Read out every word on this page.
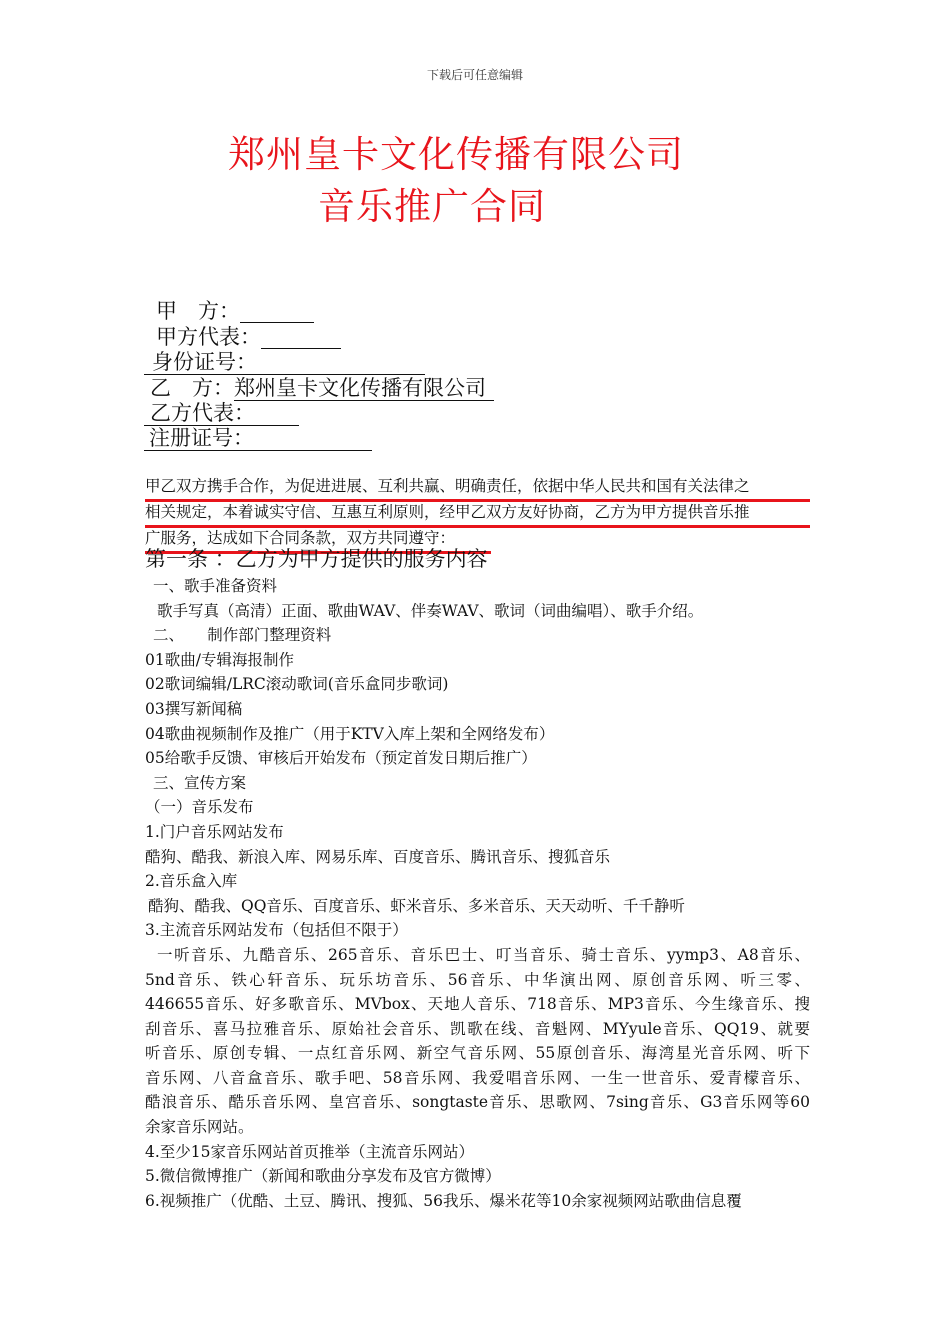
下载后可任意编辑
郑州皇卡文化传播有限公司
音乐推广合同
甲　方：
甲方代表：
身份证号：
乙　方：郑州皇卡文化传播有限公司
乙方代表：
注册证号：
甲乙双方携手合作，为促进进展、互利共赢、明确责任，依据中华人民共和国有关法律之
相关规定，本着诚实守信、互惠互利原则，经甲乙双方友好协商，乙方为甲方提供音乐推
广服务，达成如下合同条款，双方共同遵守：
第一条 ：乙方为甲方提供的服务内容
一、歌手准备资料
歌手写真（高清）正面、歌曲WAV、伴奏WAV、歌词（词曲编唱）、歌手介绍。
二、　　制作部门整理资料
01歌曲/专辑海报制作
02歌词编辑/LRC滚动歌词(音乐盒同步歌词)
03撰写新闻稿
04歌曲视频制作及推广（用于KTV入库上架和全网络发布）
05给歌手反馈、审核后开始发布（预定首发日期后推广）
三、宣传方案
（一）音乐发布
1.门户音乐网站发布
酷狗、酷我、新浪入库、网易乐库、百度音乐、腾讯音乐、搜狐音乐
2.音乐盒入库
酷狗、酷我、QQ音乐、百度音乐、虾米音乐、多米音乐、天天动听、千千静听
3.主流音乐网站发布（包括但不限于）
一听音乐、九酷音乐、265音乐、音乐巴士、叮当音乐、骑士音乐、yymp3、A8音乐、
5nd音乐、铁心轩音乐、玩乐坊音乐、56音乐、中华演出网、原创音乐网、听三零、
446655音乐、好多歌音乐、MVbox、天地人音乐、718音乐、MP3音乐、今生缘音乐、搜
刮音乐、喜马拉雅音乐、原始社会音乐、凯歌在线、音魁网、MYyule音乐、QQ19、就要
听音乐、原创专辑、一点红音乐网、新空气音乐网、55原创音乐、海湾星光音乐网、听下
音乐网、八音盒音乐、歌手吧、58音乐网、我爱唱音乐网、一生一世音乐、爱青檬音乐、
酷浪音乐、酷乐音乐网、皇宫音乐、songtaste音乐、思歌网、7sing音乐、G3音乐网等60
余家音乐网站。
4.至少15家音乐网站首页推举（主流音乐网站）
5.微信微博推广（新闻和歌曲分享发布及官方微博）
6.视频推广（优酷、土豆、腾讯、搜狐、56我乐、爆米花等10余家视频网站歌曲信息覆
